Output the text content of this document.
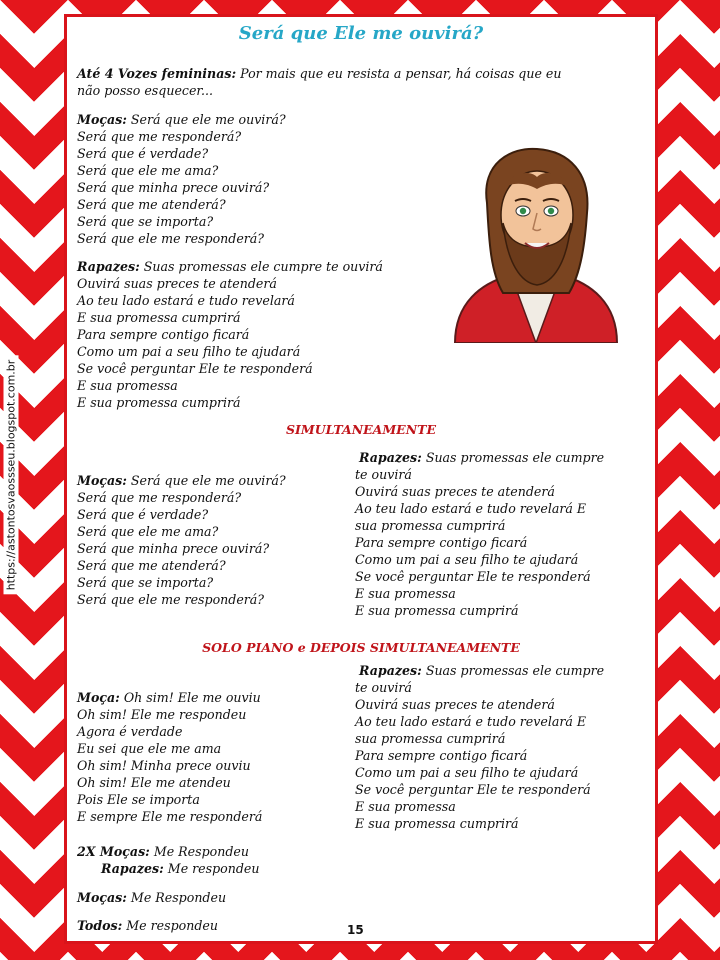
https://astontosvaossseu.blogspot.com.br
Será que Ele me ouvirá?
Até 4 Vozes femininas: Por mais que eu resista a pensar, há coisas que eu
não posso esquecer...
Moças: Será que ele me ouvirá?
Será que me responderá?
Será que é verdade?
Será que ele me ama?
Será que minha prece ouvirá?
Será que me atenderá?
Será que se importa?
Será que ele me responderá?
Rapazes: Suas promessas ele cumpre te ouvirá
Ouvirá suas preces te atenderá
Ao teu lado estará e tudo revelará
E sua promessa cumprirá
Para sempre contigo ficará
Como um pai a seu filho te ajudará
Se você perguntar Ele te responderá
E sua promessa
E sua promessa cumprirá
SIMULTANEAMENTE
Moças: Será que ele me ouvirá?
Será que me responderá?
Será que é verdade?
Será que ele me ama?
Será que minha prece ouvirá?
Será que me atenderá?
Será que se importa?
Será que ele me responderá?
Rapazes: Suas promessas ele cumpre
te ouvirá
Ouvirá suas preces te atenderá
Ao teu lado estará e tudo revelará E
sua promessa cumprirá
Para sempre contigo ficará
Como um pai a seu filho te ajudará
Se você perguntar Ele te responderá
E sua promessa
E sua promessa cumprirá
SOLO PIANO e DEPOIS SIMULTANEAMENTE
Moça: Oh sim! Ele me ouviu
Oh sim! Ele me respondeu
Agora é verdade
Eu sei que ele me ama
Oh sim! Minha prece ouviu
Oh sim! Ele me atendeu
Pois Ele se importa
E sempre Ele me responderá
Rapazes: Suas promessas ele cumpre
te ouvirá
Ouvirá suas preces te atenderá
Ao teu lado estará e tudo revelará E
sua promessa cumprirá
Para sempre contigo ficará
Como um pai a seu filho te ajudará
Se você perguntar Ele te responderá
E sua promessa
E sua promessa cumprirá
2X Moças: Me Respondeu
Rapazes: Me respondeu
Moças: Me Respondeu
Todos: Me respondeu	15
